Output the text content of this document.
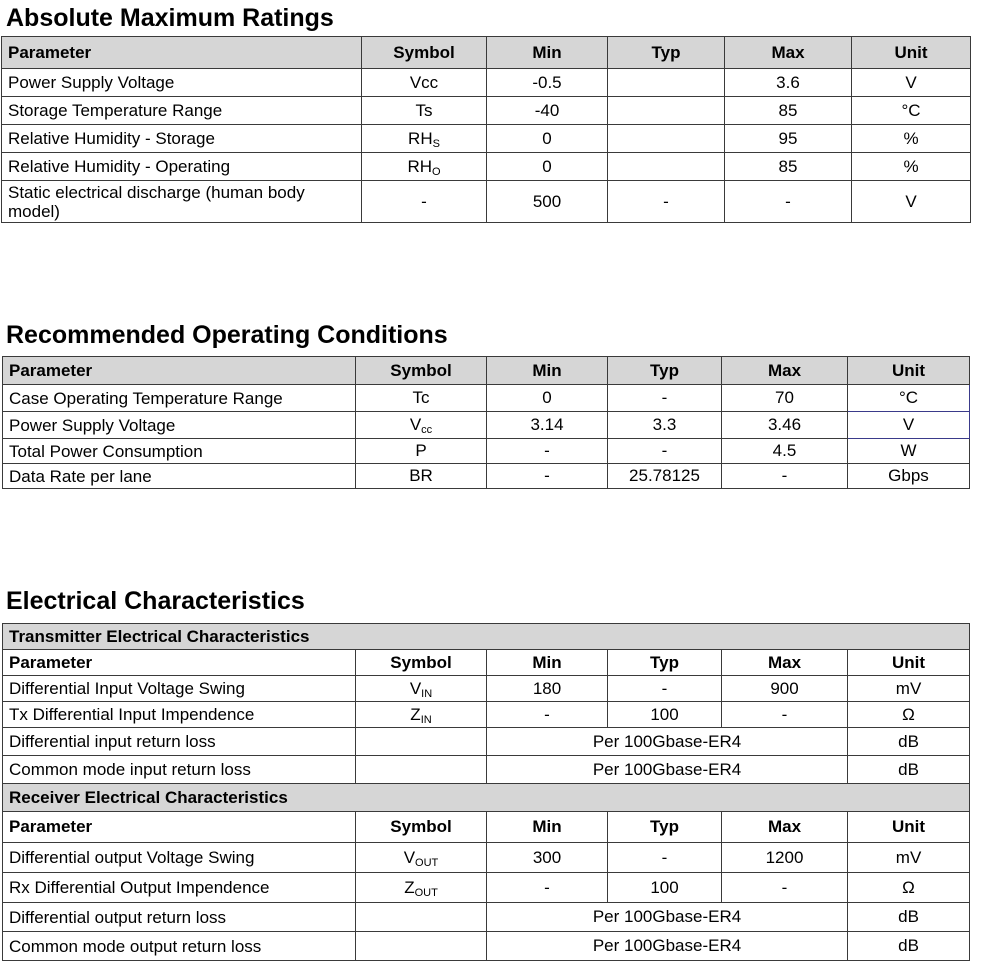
Absolute Maximum Ratings
Parameter	Symbol	Min	Typ	Max	Unit
Power Supply Voltage	Vcc	-0.5		3.6	V
Storage Temperature Range	Ts	-40		85	°C
Relative Humidity - Storage	$RH_S$	0		95	%
Relative Humidity - Operating	$RH_O$	0		85	%
Static electrical discharge (human body model)	-	500	-	-	V
Recommended Operating Conditions
Parameter	Symbol	Min	Typ	Max	Unit
Case Operating Temperature Range	Tc	0	-	70	°C
Power Supply Voltage	$V_{cc}$	3.14	3.3	3.46	V
Total Power Consumption	P	-	-	4.5	W
Data Rate per lane	BR	-	25.78125	-	Gbps
Electrical Characteristics
Transmitter Electrical Characteristics					
Parameter	Symbol	Min	Typ	Max	Unit
Differential Input Voltage Swing	$V_{IN}$	180	-	900	mV
Tx Differential Input Impendence	$Z_{IN}$	-	100	-	Ω
Differential input return loss		Per 100Gbase-ER4			dB
Common mode input return loss		Per 100Gbase-ER4			dB
Receiver Electrical Characteristics					
Parameter	Symbol	Min	Typ	Max	Unit
Differential output Voltage Swing	$V_{OUT}$	300	-	1200	mV
Rx Differential Output Impendence	$Z_{OUT}$	-	100	-	Ω
Differential output return loss		Per 100Gbase-ER4			dB
Common mode output return loss		Per 100Gbase-ER4			dB
